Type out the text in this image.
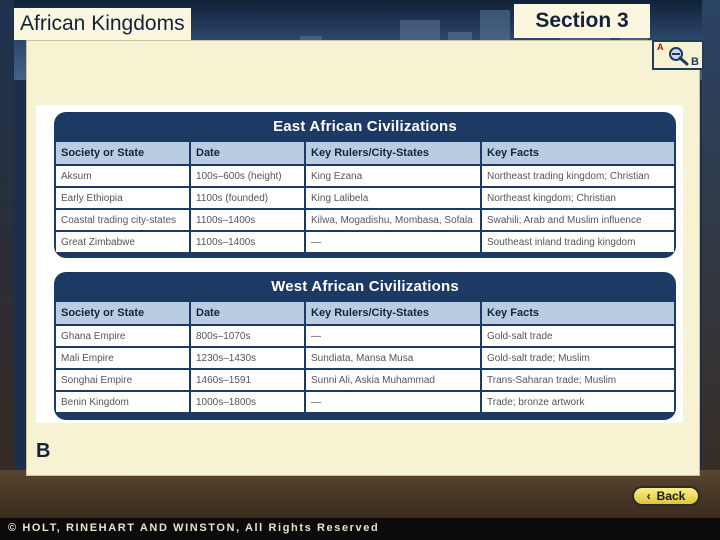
African Kingdoms	Section 3
A
B
East African Civilizations
Society or State	Date	Key Rulers/City-States	Key Facts
Aksum	100s–600s (height)	King Ezana	Northeast trading kingdom; Christian
Early Ethiopia	1100s (founded)	King Lalibela	Northeast kingdom; Christian
Coastal trading city-states	1100s–1400s	Kilwa, Mogadishu, Mombasa, Sofala	Swahili; Arab and Muslim influence
Great Zimbabwe	1100s–1400s	—	Southeast inland trading kingdom
West African Civilizations
Society or State	Date	Key Rulers/City-States	Key Facts
Ghana Empire	800s–1070s	—	Gold-salt trade
Mali Empire	1230s–1430s	Sundiata, Mansa Musa	Gold-salt trade; Muslim
Songhai Empire	1460s–1591	Sunni Ali, Askia Muhammad	Trans-Saharan trade; Muslim
Benin Kingdom	1000s–1800s	—	Trade; bronze artwork
B
‹ Back
© HOLT, RINEHART AND WINSTON, All Rights Reserved
